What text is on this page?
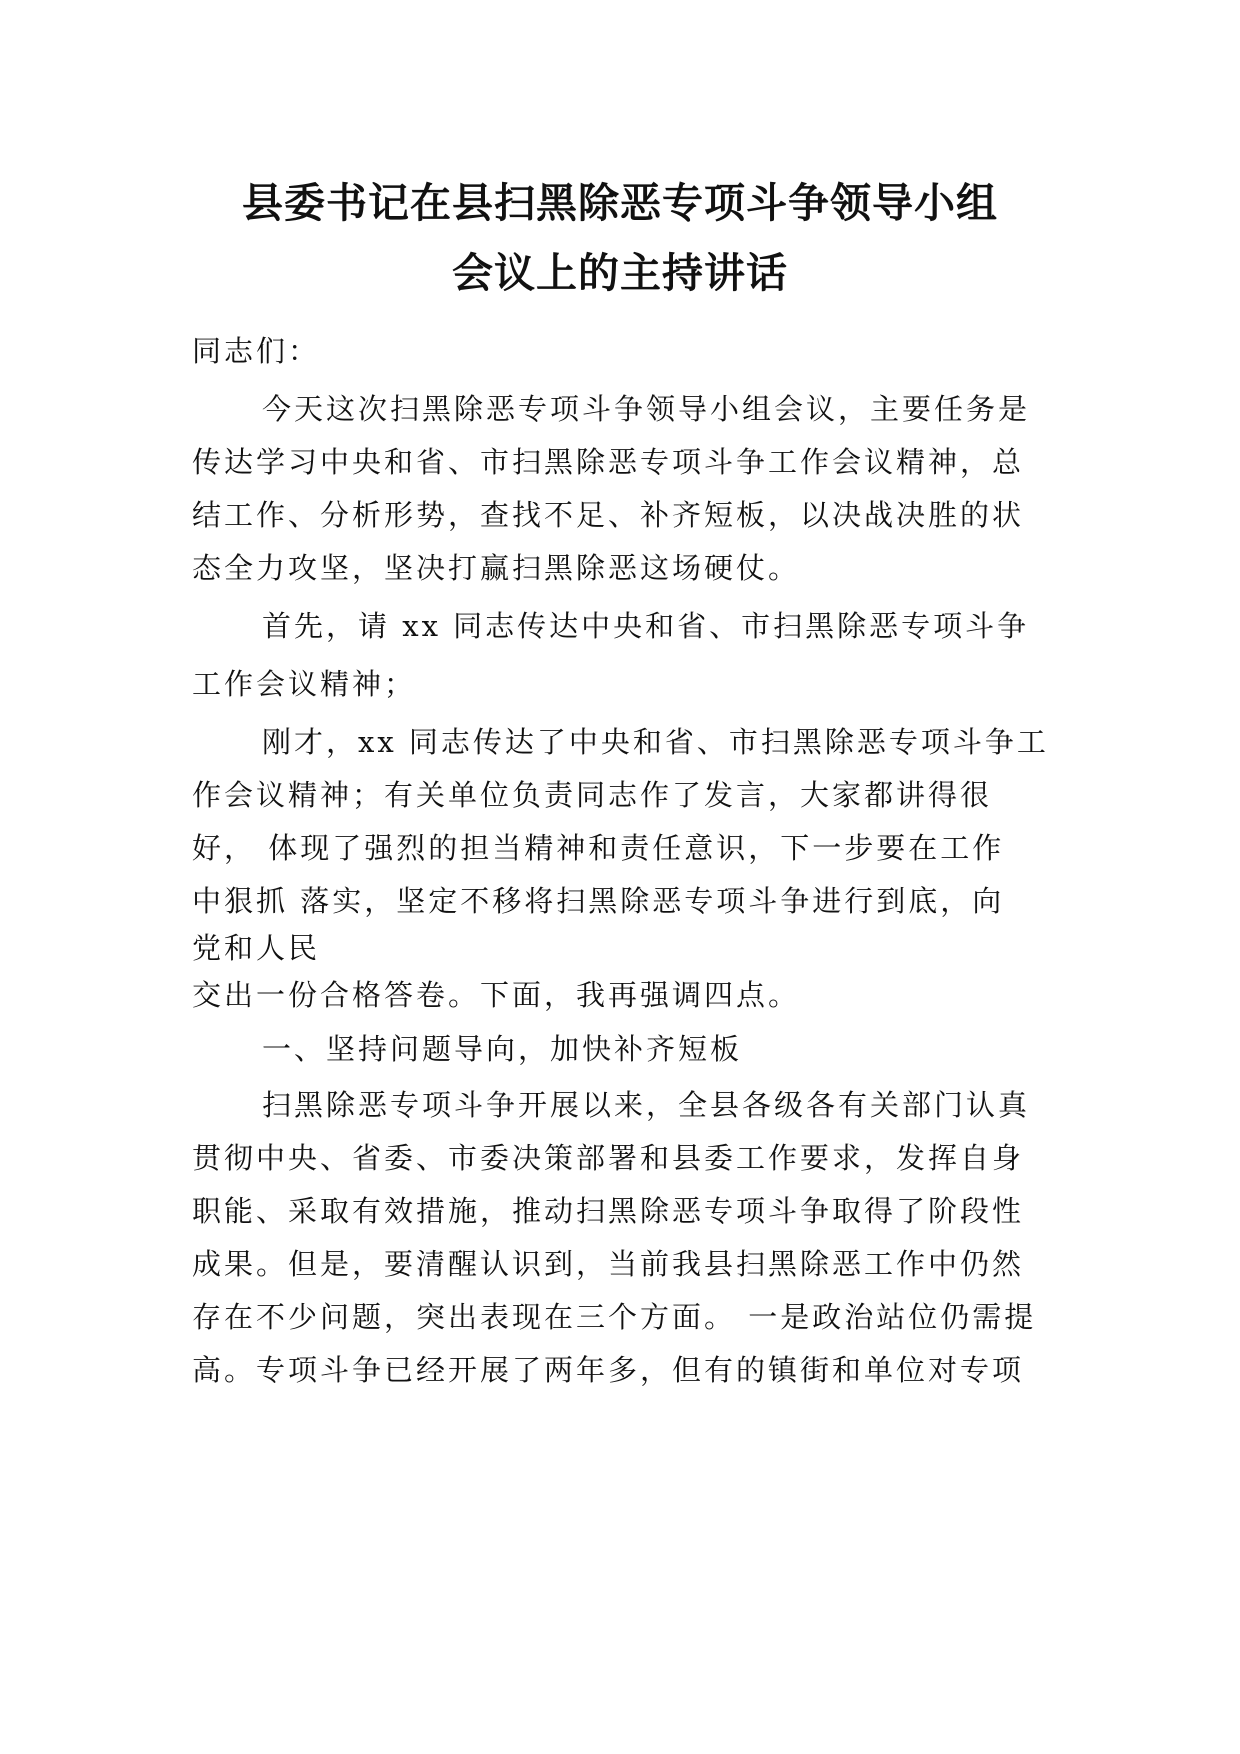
县委书记在县扫黑除恶专项斗争领导小组
会议上的主持讲话

同志们：

今天这次扫黑除恶专项斗争领导小组会议，主要任务是

传达学习中央和省、市扫黑除恶专项斗争工作会议精神，总

结工作、分析形势，查找不足、补齐短板，以决战决胜的状

态全力攻坚，坚决打赢扫黑除恶这场硬仗。

首先，请 xx 同志传达中央和省、市扫黑除恶专项斗争

工作会议精神；

刚才，xx 同志传达了中央和省、市扫黑除恶专项斗争工

作会议精神；有关单位负责同志作了发言，大家都讲得很

好， 体现了强烈的担当精神和责任意识，下一步要在工作

中狠抓 落实，坚定不移将扫黑除恶专项斗争进行到底，向

党和人民

交出一份合格答卷。下面，我再强调四点。

一、坚持问题导向，加快补齐短板

扫黑除恶专项斗争开展以来，全县各级各有关部门认真

贯彻中央、省委、市委决策部署和县委工作要求，发挥自身

职能、采取有效措施，推动扫黑除恶专项斗争取得了阶段性

成果。但是，要清醒认识到，当前我县扫黑除恶工作中仍然

存在不少问题，突出表现在三个方面。 一是政治站位仍需提

高。专项斗争已经开展了两年多，但有的镇街和单位对专项
